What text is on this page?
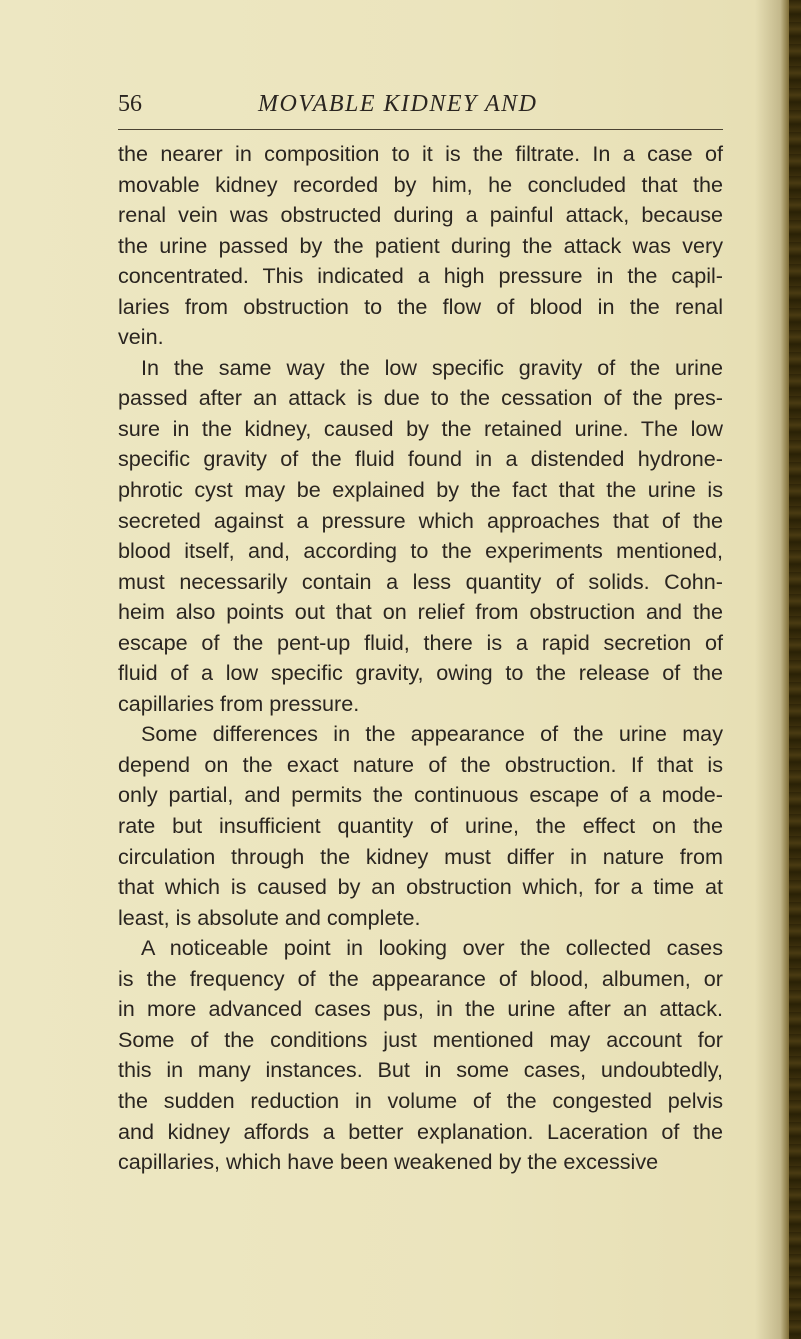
56	MOVABLE KIDNEY AND

the nearer in composition to it is the filtrate. In a case of
movable kidney recorded by him, he concluded that the
renal vein was obstructed during a painful attack, because
the urine passed by the patient during the attack was very
concentrated. This indicated a high pressure in the capil-
laries from obstruction to the flow of blood in the renal
vein.

In the same way the low specific gravity of the urine
passed after an attack is due to the cessation of the pres-
sure in the kidney, caused by the retained urine. The low
specific gravity of the fluid found in a distended hydrone-
phrotic cyst may be explained by the fact that the urine is
secreted against a pressure which approaches that of the
blood itself, and, according to the experiments mentioned,
must necessarily contain a less quantity of solids. Cohn-
heim also points out that on relief from obstruction and the
escape of the pent-up fluid, there is a rapid secretion of
fluid of a low specific gravity, owing to the release of the
capillaries from pressure.

Some differences in the appearance of the urine may
depend on the exact nature of the obstruction. If that is
only partial, and permits the continuous escape of a mode-
rate but insufficient quantity of urine, the effect on the
circulation through the kidney must differ in nature from
that which is caused by an obstruction which, for a time at
least, is absolute and complete.

A noticeable point in looking over the collected cases
is the frequency of the appearance of blood, albumen, or
in more advanced cases pus, in the urine after an attack.
Some of the conditions just mentioned may account for
this in many instances. But in some cases, undoubtedly,
the sudden reduction in volume of the congested pelvis
and kidney affords a better explanation. Laceration of the
capillaries, which have been weakened by the excessive
